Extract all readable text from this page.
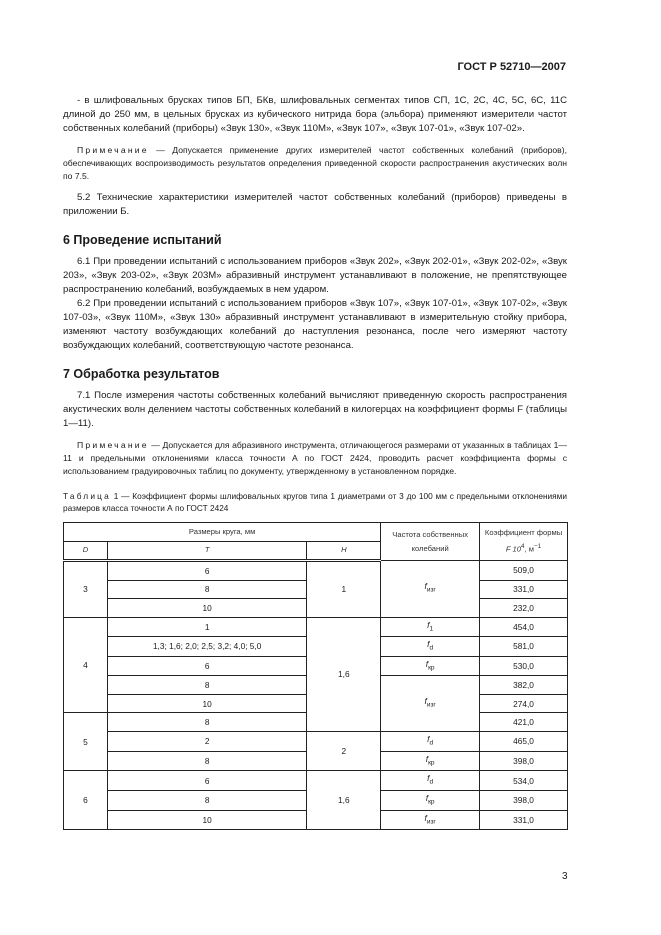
ГОСТ Р 52710—2007

- в шлифовальных брусках типов БП, БКв, шлифовальных сегментах типов СП, 1С, 2С, 4С, 5С, 6С, 11С длиной до 250 мм, в цельных брусках из кубического нитрида бора (эльбора) применяют измерители частот собственных колебаний (приборы) «Звук 130», «Звук 110М», «Звук 107», «Звук 107-01», «Звук 107-02».

Примечание — Допускается применение других измерителей частот собственных колебаний (приборов), обеспечивающих воспроизводимость результатов определения приведенной скорости распространения акустических волн по 7.5.

5.2 Технические характеристики измерителей частот собственных колебаний (приборов) приведены в приложении Б.

6 Проведение испытаний

6.1 При проведении испытаний с использованием приборов «Звук 202», «Звук 202-01», «Звук 202-02», «Звук 203», «Звук 203-02», «Звук 203М» абразивный инструмент устанавливают в положение, не препятствующее распространению колебаний, возбуждаемых в нем ударом.

6.2 При проведении испытаний с использованием приборов «Звук 107», «Звук 107-01», «Звук 107-02», «Звук 107-03», «Звук 110М», «Звук 130» абразивный инструмент устанавливают в измерительную стойку прибора, изменяют частоту возбуждающих колебаний до наступления резонанса, после чего измеряют частоту возбуждающих колебаний, соответствующую частоте резонанса.

7 Обработка результатов

7.1 После измерения частоты собственных колебаний вычисляют приведенную скорость распространения акустических волн делением частоты собственных колебаний в килогерцах на коэффициент формы F (таблицы 1—11).

Примечание — Допускается для абразивного инструмента, отличающегося размерами от указанных в таблицах 1—11 и предельными отклонениями класса точности А по ГОСТ 2424, проводить расчет коэффициента формы с использованием градуировочных таблиц по документу, утвержденному в установленном порядке.

Таблица 1 — Коэффициент формы шлифовальных кругов типа 1 диаметрами от 3 до 100 мм с предельными отклонениями размеров класса точности А по ГОСТ 2424

Размеры круга, мм			Частота собственных колебаний	Коэффициент формы
F $10^4$, $м^{-1}$
D	T	H		
3	6	1	$f_{изг}$	509,0
	8			331,0
	10			232,0
4	1	1,6	$f_1$	454,0
	1,3; 1,6; 2,0; 2,5; 3,2; 4,0; 5,0		$f_d$	581,0
	6		$f_{кр}$	530,0
	8		$f_{изг}$	382,0
	10			274,0
5	8			421,0
	2	2	$f_d$	465,0
	8		$f_{кр}$	398,0
6	6	1,6	$f_d$	534,0
	8		$f_{кр}$	398,0
	10		$f_{изг}$	331,0
3
